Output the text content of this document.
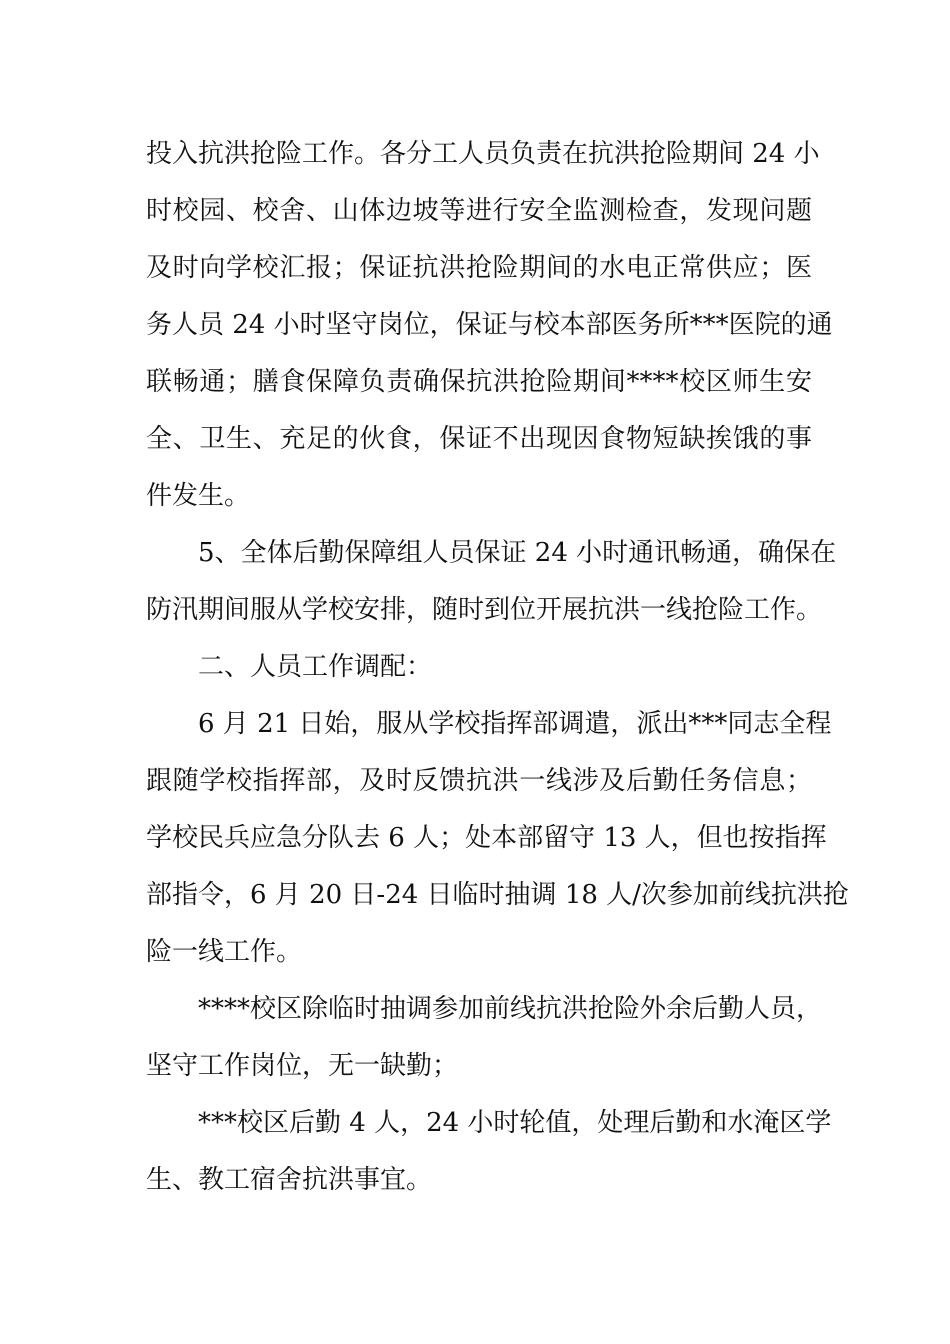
投入抗洪抢险工作。各分工人员负责在抗洪抢险期间 24 小
时校园、校舍、山体边坡等进行安全监测检查，发现问题
及时向学校汇报；保证抗洪抢险期间的水电正常供应；医
务人员 24 小时坚守岗位，保证与校本部医务所***医院的通
联畅通；膳食保障负责确保抗洪抢险期间****校区师生安
全、卫生、充足的伙食，保证不出现因食物短缺挨饿的事
件发生。
5、全体后勤保障组人员保证 24 小时通讯畅通，确保在
防汛期间服从学校安排，随时到位开展抗洪一线抢险工作。
二、人员工作调配：
6 月 21 日始，服从学校指挥部调遣，派出***同志全程
跟随学校指挥部，及时反馈抗洪一线涉及后勤任务信息；
学校民兵应急分队去 6 人；处本部留守 13 人，但也按指挥
部指令，6 月 20 日-24 日临时抽调 18 人/次参加前线抗洪抢
险一线工作。
****校区除临时抽调参加前线抗洪抢险外余后勤人员，
坚守工作岗位，无一缺勤；
***校区后勤 4 人，24 小时轮值，处理后勤和水淹区学
生、教工宿舍抗洪事宜。
